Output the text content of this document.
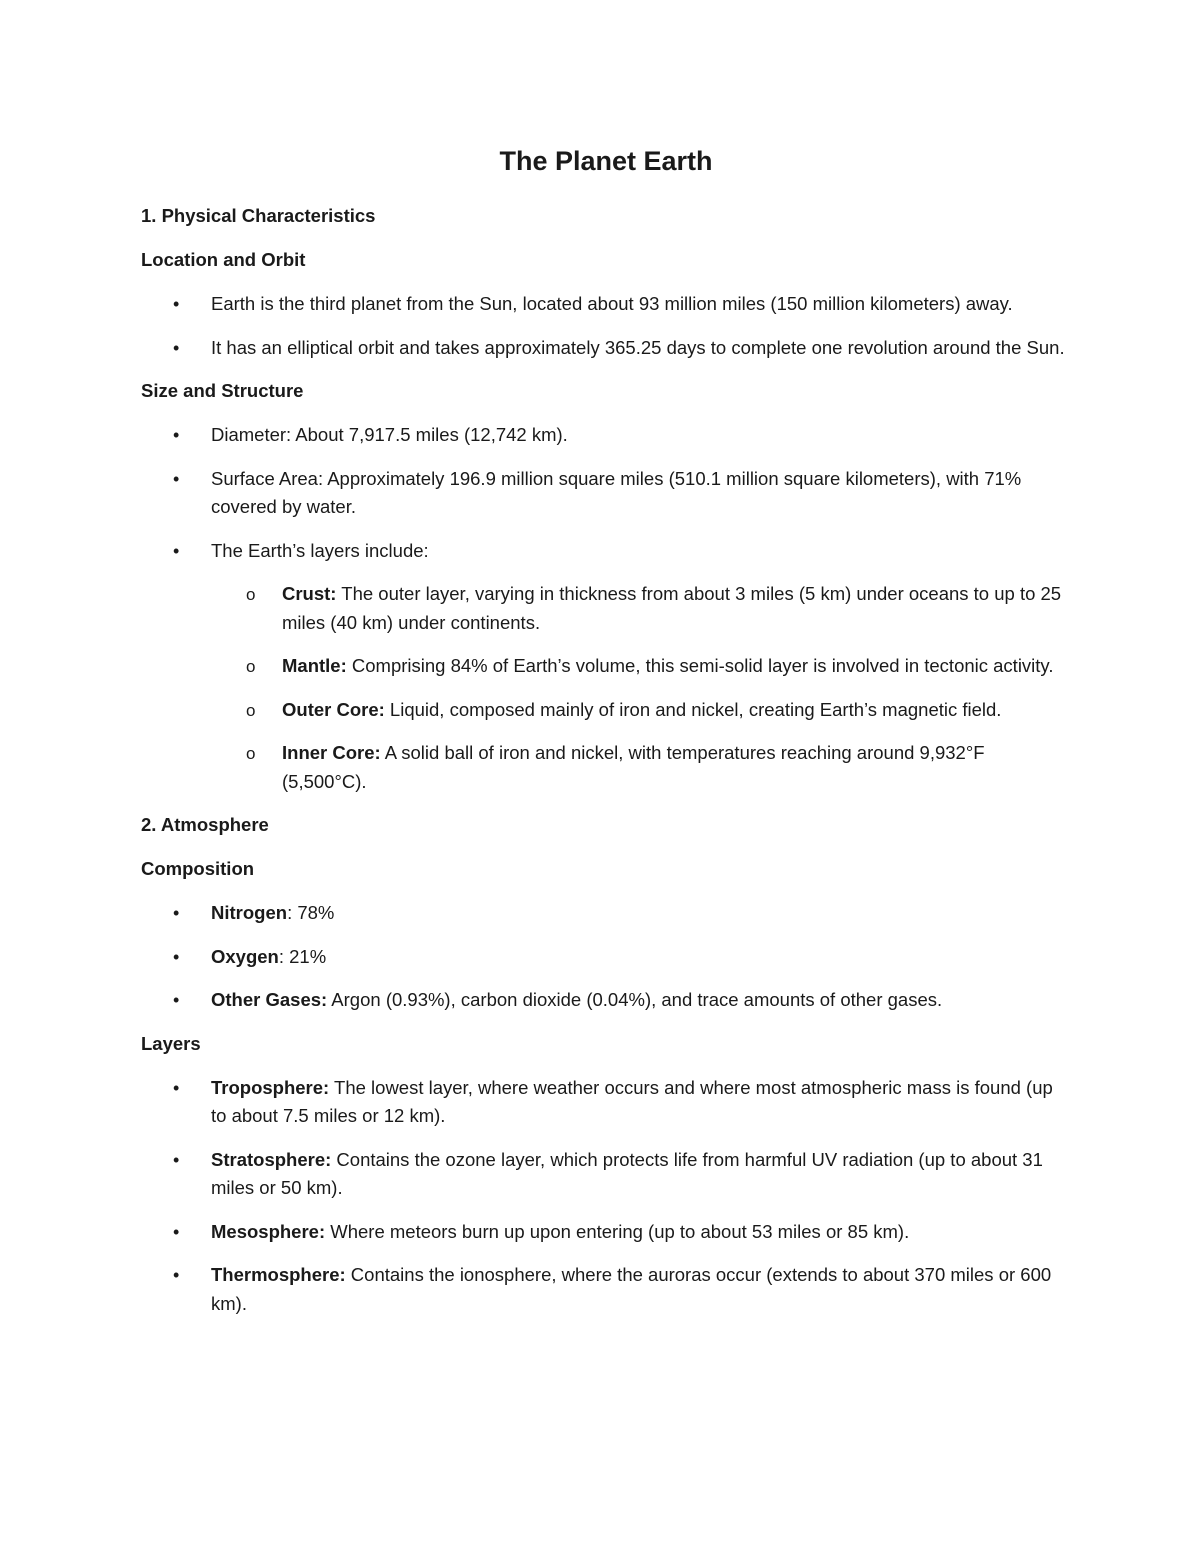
The Planet Earth
1. Physical Characteristics
Location and Orbit
• Earth is the third planet from the Sun, located about 93 million miles (150 million kilometers) away.
• It has an elliptical orbit and takes approximately 365.25 days to complete one revolution around the Sun.
Size and Structure
• Diameter: About 7,917.5 miles (12,742 km).
• Surface Area: Approximately 196.9 million square miles (510.1 million square kilometers), with 71% covered by water.
• The Earth’s layers include:
o Crust: The outer layer, varying in thickness from about 3 miles (5 km) under oceans to up to 25 miles (40 km) under continents.
o Mantle: Comprising 84% of Earth’s volume, this semi-solid layer is involved in tectonic activity.
o Outer Core: Liquid, composed mainly of iron and nickel, creating Earth’s magnetic field.
o Inner Core: A solid ball of iron and nickel, with temperatures reaching around 9,932°F (5,500°C).
2. Atmosphere
Composition
• Nitrogen: 78%
• Oxygen: 21%
• Other Gases: Argon (0.93%), carbon dioxide (0.04%), and trace amounts of other gases.
Layers
• Troposphere: The lowest layer, where weather occurs and where most atmospheric mass is found (up to about 7.5 miles or 12 km).
• Stratosphere: Contains the ozone layer, which protects life from harmful UV radiation (up to about 31 miles or 50 km).
• Mesosphere: Where meteors burn up upon entering (up to about 53 miles or 85 km).
• Thermosphere: Contains the ionosphere, where the auroras occur (extends to about 370 miles or 600 km).
